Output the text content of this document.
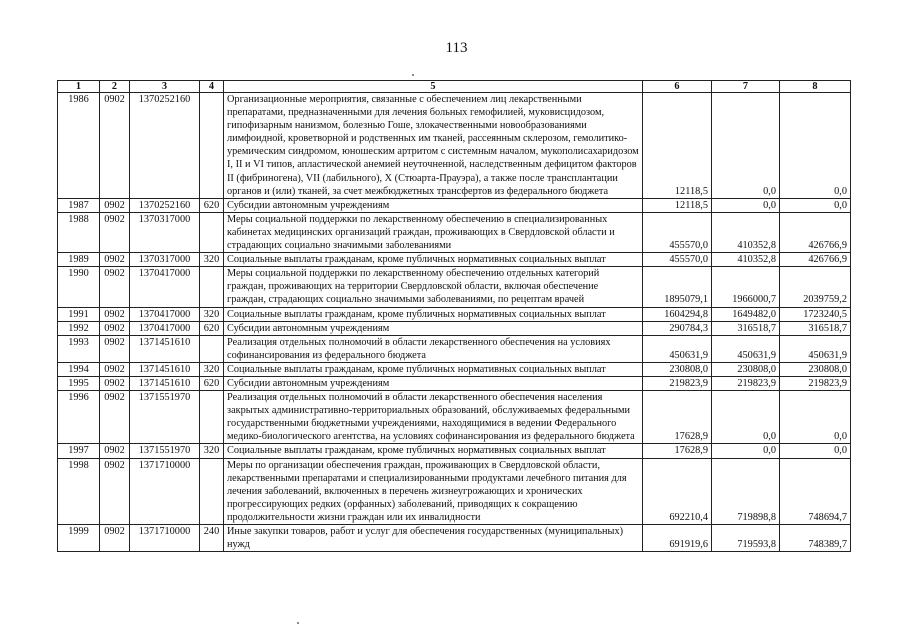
113
1	2	3	4	5	6	7	8
1986	0902	1370252160		Организационные мероприятия, связанные с обеспечением лиц лекарственными препаратами, предназначенными для лечения больных гемофилией, муковисцидозом, гипофизарным нанизмом, болезнью Гоше, злокачественными новообразованиями лимфоидной, кроветворной и родственных им тканей, рассеянным склерозом, гемолитико-уремическим синдромом, юношеским артритом с системным началом, мукополисахаридозом I, II и VI типов, апластической анемией неуточненной, наследственным дефицитом факторов II (фибриногена), VII (лабильного), X (Стюарта-Прауэра), а также после трансплантации органов и (или) тканей, за счет межбюджетных трансфертов из федерального бюджета	12118,5	0,0	0,0
1987	0902	1370252160	620	Субсидии автономным учреждениям	12118,5	0,0	0,0
1988	0902	1370317000		Меры социальной поддержки по лекарственному обеспечению в специализированных кабинетах медицинских организаций граждан, проживающих в Свердловской области и страдающих социально значимыми заболеваниями	455570,0	410352,8	426766,9
1989	0902	1370317000	320	Социальные выплаты гражданам, кроме публичных нормативных социальных выплат	455570,0	410352,8	426766,9
1990	0902	1370417000		Меры социальной поддержки по лекарственному обеспечению отдельных категорий граждан, проживающих на территории Свердловской области, включая обеспечение граждан, страдающих социально значимыми заболеваниями, по рецептам врачей	1895079,1	1966000,7	2039759,2
1991	0902	1370417000	320	Социальные выплаты гражданам, кроме публичных нормативных социальных выплат	1604294,8	1649482,0	1723240,5
1992	0902	1370417000	620	Субсидии автономным учреждениям	290784,3	316518,7	316518,7
1993	0902	1371451610		Реализация отдельных полномочий в области лекарственного обеспечения на условиях софинансирования из федерального бюджета	450631,9	450631,9	450631,9
1994	0902	1371451610	320	Социальные выплаты гражданам, кроме публичных нормативных социальных выплат	230808,0	230808,0	230808,0
1995	0902	1371451610	620	Субсидии автономным учреждениям	219823,9	219823,9	219823,9
1996	0902	1371551970		Реализация отдельных полномочий в области лекарственного обеспечения населения закрытых административно-территориальных образований, обслуживаемых федеральными государственными бюджетными учреждениями, находящимися в ведении Федерального медико-биологического агентства, на условиях софинансирования из федерального бюджета	17628,9	0,0	0,0
1997	0902	1371551970	320	Социальные выплаты гражданам, кроме публичных нормативных социальных выплат	17628,9	0,0	0,0
1998	0902	1371710000		Меры по организации обеспечения граждан, проживающих в Свердловской области, лекарственными препаратами и специализированными продуктами лечебного питания для лечения заболеваний, включенных в перечень жизнеугрожающих и хронических прогрессирующих редких (орфанных) заболеваний, приводящих к сокращению продолжительности жизни граждан или их инвалидности	692210,4	719898,8	748694,7
1999	0902	1371710000	240	Иные закупки товаров, работ и услуг для обеспечения государственных (муниципальных) нужд	691919,6	719593,8	748389,7
